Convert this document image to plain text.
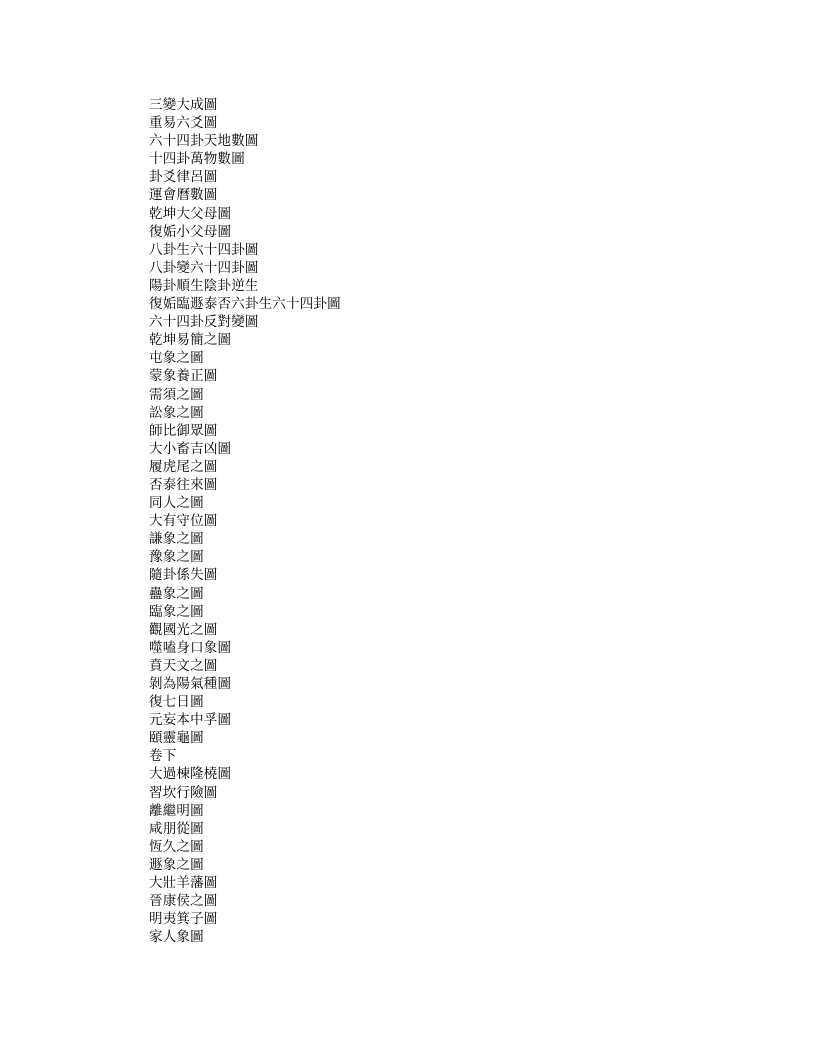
三變大成圖
重易六爻圖
六十四卦天地數圖
十四卦萬物數圖
卦爻律呂圖
運會曆數圖
乾坤大父母圖
復姤小父母圖
八卦生六十四卦圖
八卦變六十四卦圖
陽卦順生陰卦逆生
復姤臨遯泰否六卦生六十四卦圖
六十四卦反對變圖
乾坤易簡之圖
屯象之圖
蒙象養正圖
需須之圖
訟象之圖
師比御眾圖
大小畜吉凶圖
履虎尾之圖
否泰往來圖
同人之圖
大有守位圖
謙象之圖
豫象之圖
隨卦係失圖
蠱象之圖
臨象之圖
觀國光之圖
噬嗑身口象圖
賁天文之圖
剝為陽氣種圖
復七日圖
元妄本中孚圖
頤靈龜圖
卷下
大過棟隆橈圖
習坎行險圖
離繼明圖
咸朋從圖
恆久之圖
遯象之圖
大壯羊藩圖
晉康侯之圖
明夷箕子圖
家人象圖
